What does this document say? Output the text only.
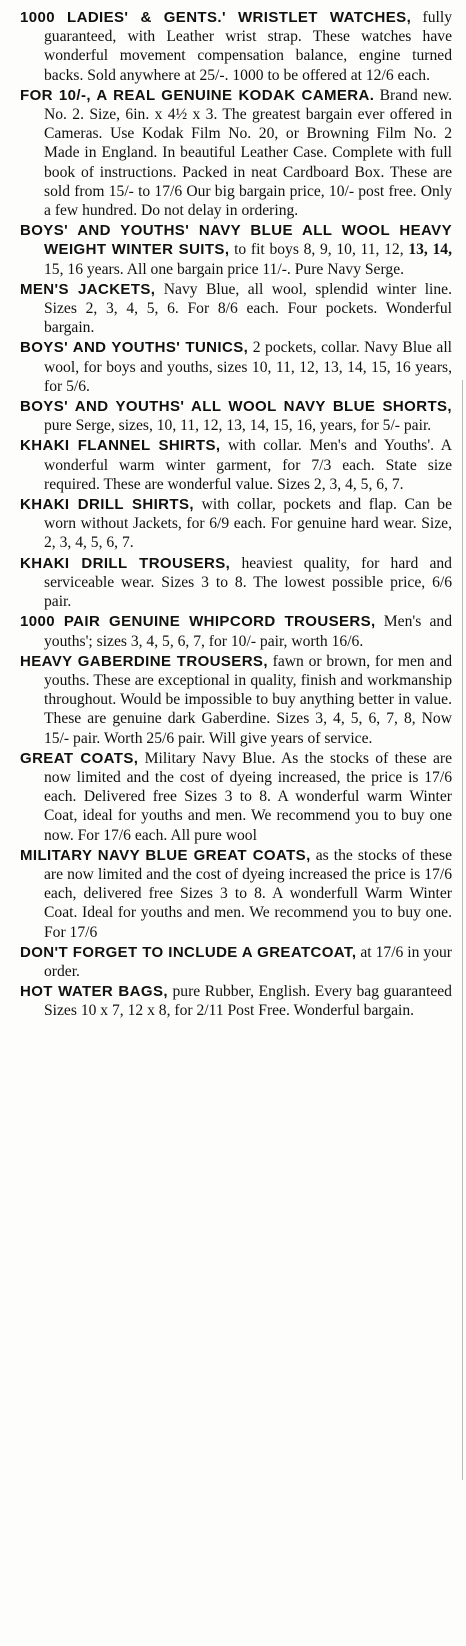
1000 LADIES' & GENTS.' WRISTLET WATCHES, fully guaranteed, with Leather wrist strap. These watches have wonderful movement compensation balance, engine turned backs. Sold anywhere at 25/-. 1000 to be offered at 12/6 each.

FOR 10/-, A REAL GENUINE KODAK CAMERA. Brand new. No. 2. Size, 6in. x 4½ x 3. The greatest bargain ever offered in Cameras. Use Kodak Film No. 20, or Browning Film No. 2 Made in England. In beautiful Leather Case. Complete with full book of instructions. Packed in neat Cardboard Box. These are sold from 15/- to 17/6 Our big bargain price, 10/- post free. Only a few hundred. Do not delay in ordering.

BOYS' AND YOUTHS' NAVY BLUE ALL WOOL HEAVY WEIGHT WINTER SUITS, to fit boys 8, 9, 10, 11, 12, 13, 14, 15, 16 years. All one bargain price 11/-. Pure Navy Serge.

MEN'S JACKETS, Navy Blue, all wool, splendid winter line. Sizes 2, 3, 4, 5, 6. For 8/6 each. Four pockets. Wonderful bargain.

BOYS' AND YOUTHS' TUNICS, 2 pockets, collar. Navy Blue all wool, for boys and youths, sizes 10, 11, 12, 13, 14, 15, 16 years, for 5/6.

BOYS' AND YOUTHS' ALL WOOL NAVY BLUE SHORTS, pure Serge, sizes, 10, 11, 12, 13, 14, 15, 16, years, for 5/- pair.

KHAKI FLANNEL SHIRTS, with collar. Men's and Youths'. A wonderful warm winter garment, for 7/3 each. State size required. These are wonderful value. Sizes 2, 3, 4, 5, 6, 7.

KHAKI DRILL SHIRTS, with collar, pockets and flap. Can be worn without Jackets, for 6/9 each. For genuine hard wear. Size, 2, 3, 4, 5, 6, 7.

KHAKI DRILL TROUSERS, heaviest quality, for hard and serviceable wear. Sizes 3 to 8. The lowest possible price, 6/6 pair.

1000 PAIR GENUINE WHIPCORD TROUSERS, Men's and youths'; sizes 3, 4, 5, 6, 7, for 10/- pair, worth 16/6.

HEAVY GABERDINE TROUSERS, fawn or brown, for men and youths. These are exceptional in quality, finish and workmanship throughout. Would be impossible to buy anything better in value. These are genuine dark Gaberdine. Sizes 3, 4, 5, 6, 7, 8, Now 15/- pair. Worth 25/6 pair. Will give years of service.

GREAT COATS, Military Navy Blue. As the stocks of these are now limited and the cost of dyeing increased, the price is 17/6 each. Delivered free Sizes 3 to 8. A wonderful warm Winter Coat, ideal for youths and men. We recommend you to buy one now. For 17/6 each. All pure wool

MILITARY NAVY BLUE GREAT COATS, as the stocks of these are now limited and the cost of dyeing increased the price is 17/6 each, delivered free Sizes 3 to 8. A wonderfull Warm Winter Coat. Ideal for youths and men. We recommend you to buy one. For 17/6

DON'T FORGET TO INCLUDE A GREATCOAT, at 17/6 in your order.

HOT WATER BAGS, pure Rubber, English. Every bag guaranteed Sizes 10 x 7, 12 x 8, for 2/11 Post Free. Wonderful bargain.
